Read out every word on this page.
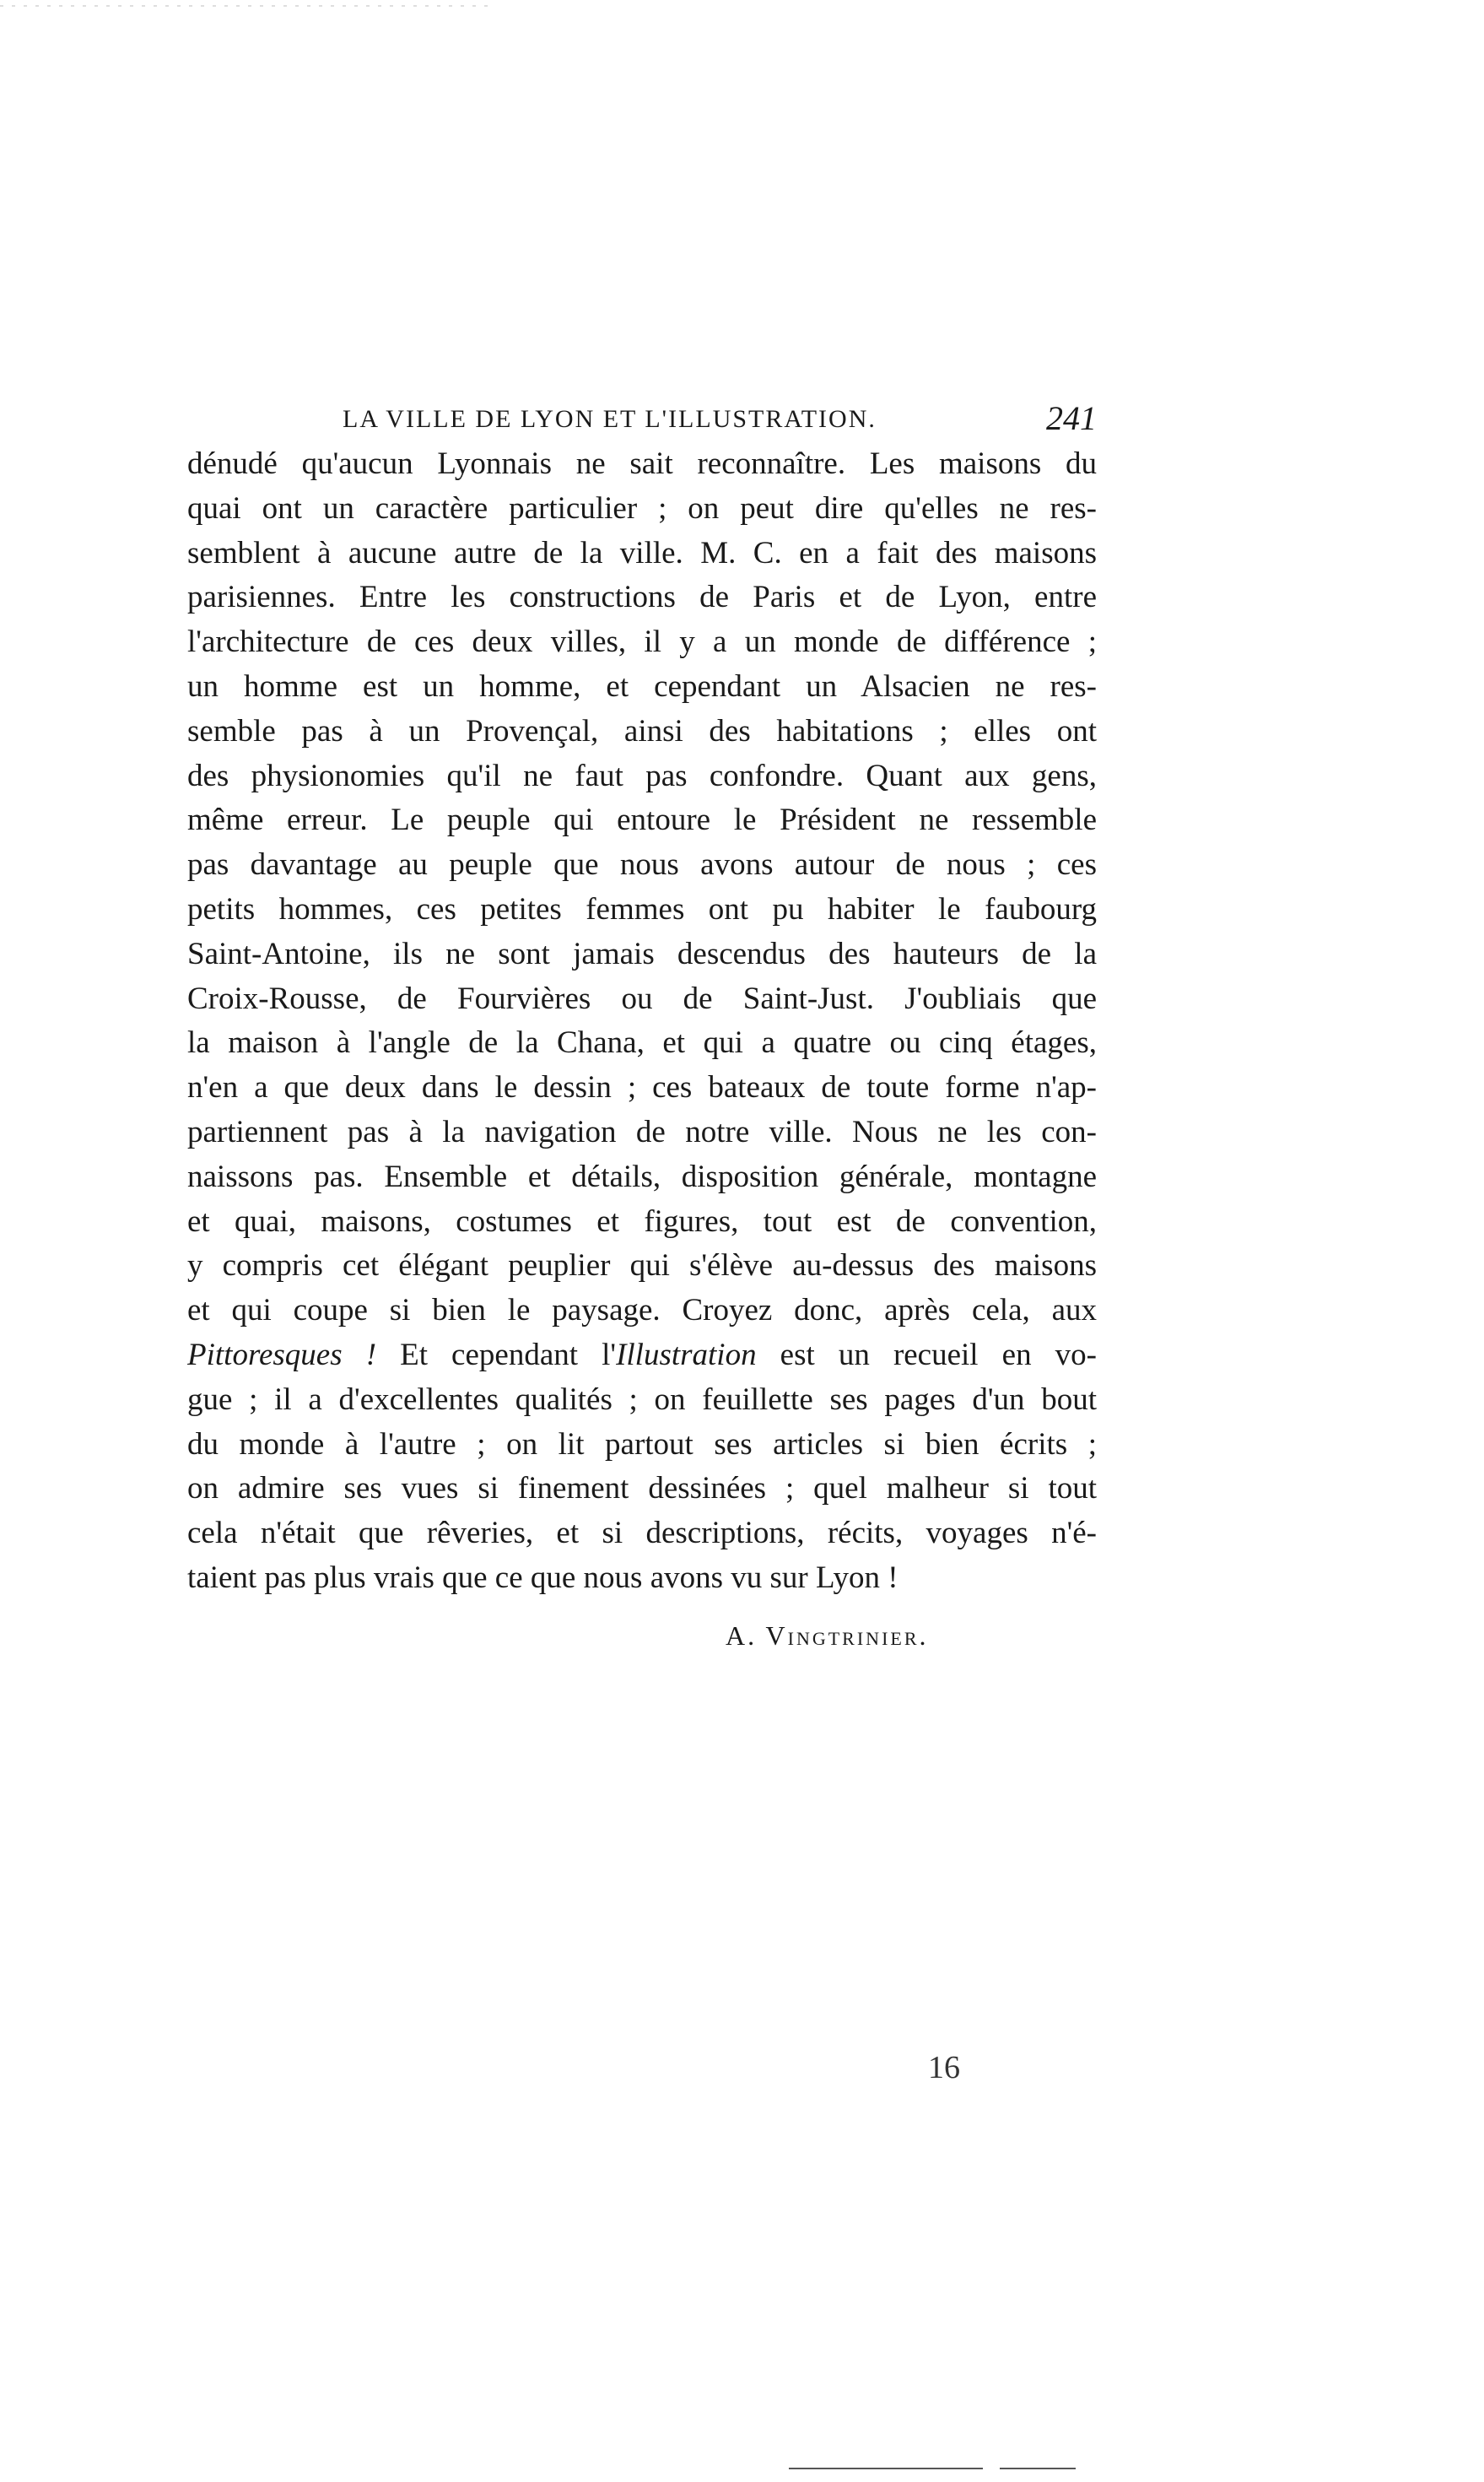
LA VILLE DE LYON ET L'ILLUSTRATION.	241
dénudé qu'aucun Lyonnais ne sait reconnaître. Les maisons du
quai ont un caractère particulier ; on peut dire qu'elles ne res-
semblent à aucune autre de la ville. M. C. en a fait des maisons
parisiennes. Entre les constructions de Paris et de Lyon, entre
l'architecture de ces deux villes, il y a un monde de différence ;
un homme est un homme, et cependant un Alsacien ne res-
semble pas à un Provençal, ainsi des habitations ; elles ont
des physionomies qu'il ne faut pas confondre. Quant aux gens,
même erreur. Le peuple qui entoure le Président ne ressemble
pas davantage au peuple que nous avons autour de nous ; ces
petits hommes, ces petites femmes ont pu habiter le faubourg
Saint-Antoine, ils ne sont jamais descendus des hauteurs de la
Croix-Rousse, de Fourvières ou de Saint-Just. J'oubliais que
la maison à l'angle de la Chana, et qui a quatre ou cinq étages,
n'en a que deux dans le dessin ; ces bateaux de toute forme n'ap-
partiennent pas à la navigation de notre ville. Nous ne les con-
naissons pas. Ensemble et détails, disposition générale, montagne
et quai, maisons, costumes et figures, tout est de convention,
y compris cet élégant peuplier qui s'élève au-dessus des maisons
et qui coupe si bien le paysage. Croyez donc, après cela, aux
Pittoresques ! Et cependant l'Illustration est un recueil en vo-
gue ; il a d'excellentes qualités ; on feuillette ses pages d'un bout
du monde à l'autre ; on lit partout ses articles si bien écrits ;
on admire ses vues si finement dessinées ; quel malheur si tout
cela n'était que rêveries, et si descriptions, récits, voyages n'é-
taient pas plus vrais que ce que nous avons vu sur Lyon !
A. Vingtrinier.
16
